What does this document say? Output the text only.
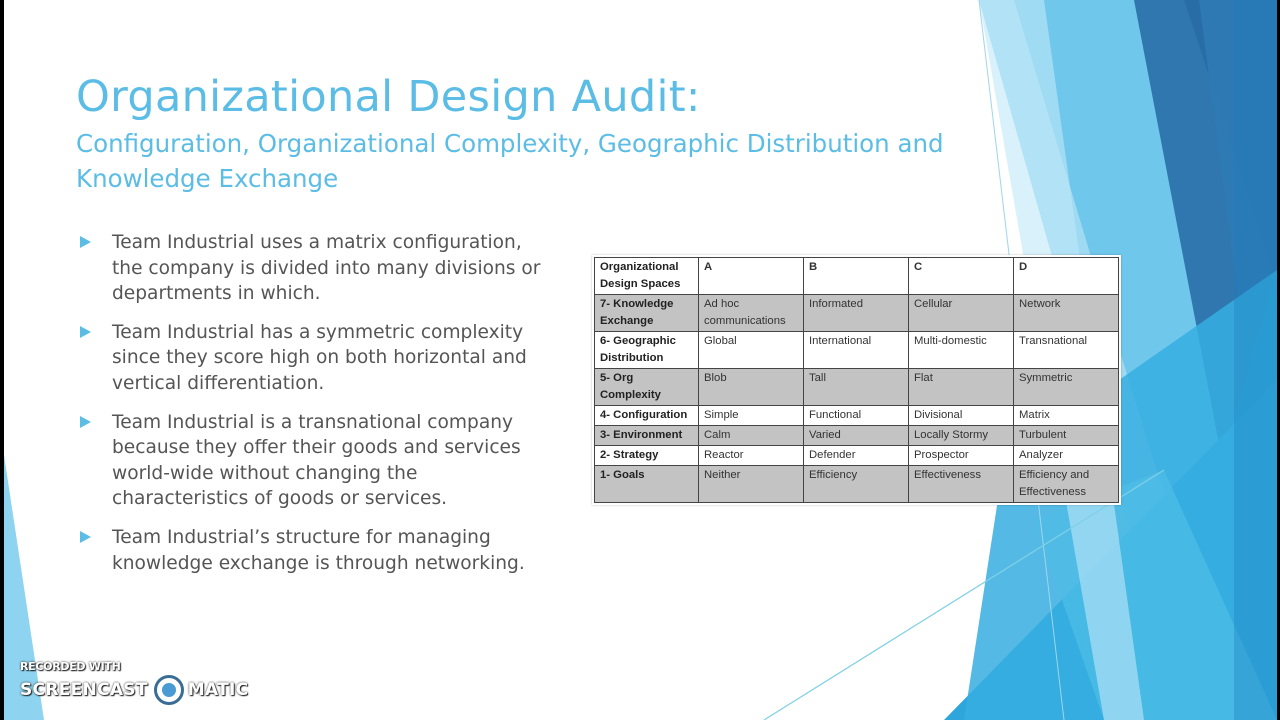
Organizational Design Audit:
Configuration, Organizational Complexity, Geographic Distribution and Knowledge Exchange
Team Industrial uses a matrix configuration, the company is divided into many divisions or departments in which.
Team Industrial has a symmetric complexity since they score high on both horizontal and vertical differentiation.
Team Industrial is a transnational company because they offer their goods and services world-wide without changing the characteristics of goods or services.
Team Industrial’s structure for managing knowledge exchange is through networking.
Organizational Design Spaces	A	B	C	D
7- Knowledge Exchange	Ad hoc communications	Informated	Cellular	Network
6- Geographic Distribution	Global	International	Multi-domestic	Transnational
5- Org Complexity	Blob	Tall	Flat	Symmetric
4- Configuration	Simple	Functional	Divisional	Matrix
3- Environment	Calm	Varied	Locally Stormy	Turbulent
2- Strategy	Reactor	Defender	Prospector	Analyzer
1- Goals	Neither	Efficiency	Effectiveness	Efficiency and Effectiveness
RECORDED WITH
SCREENCAST MATIC
